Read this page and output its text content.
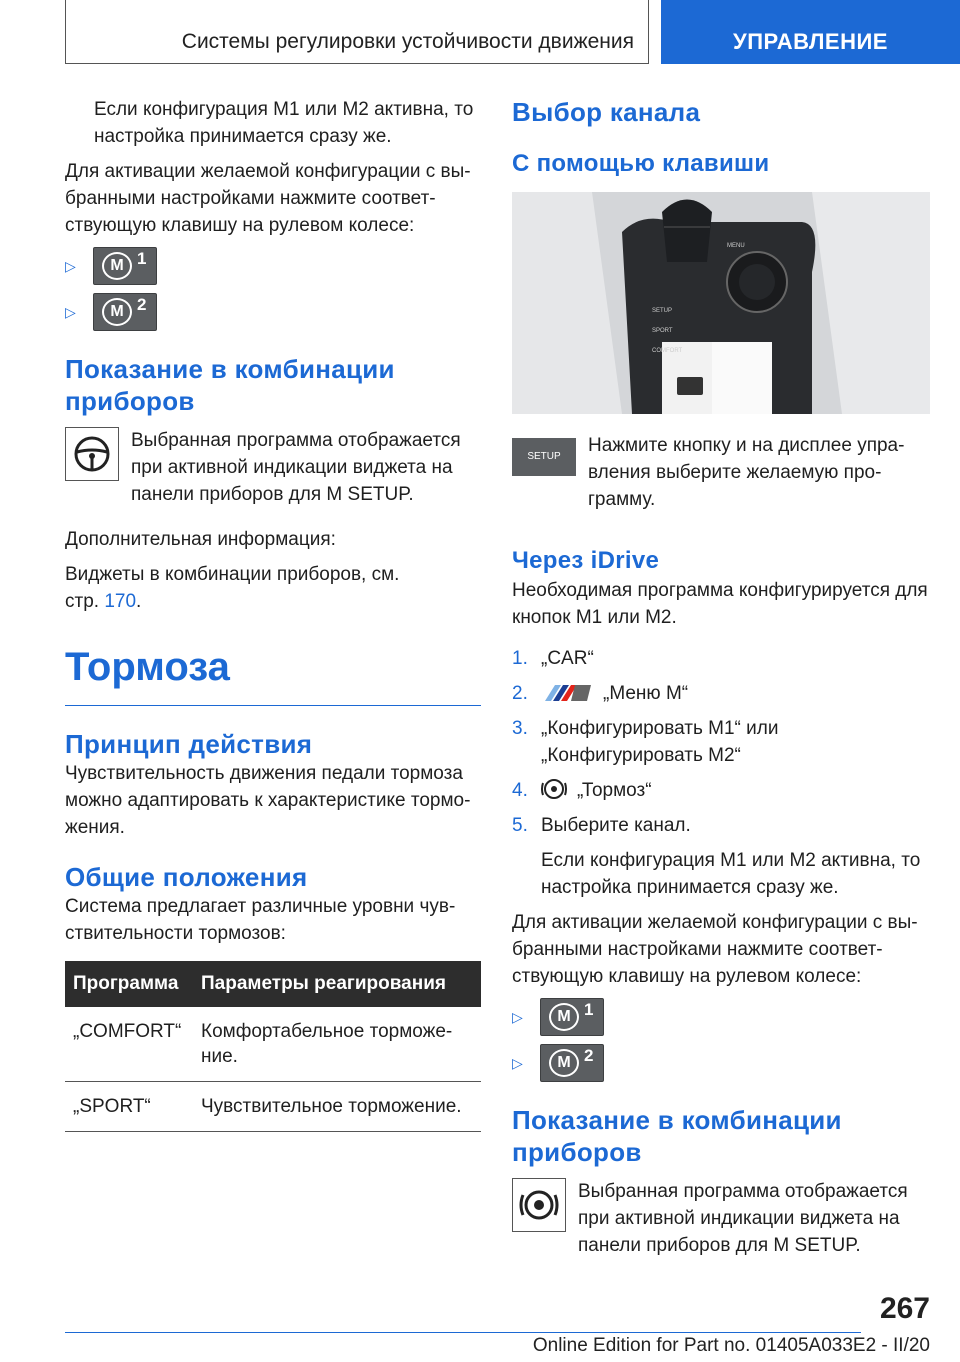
Системы регулировки устойчивости движения	УПРАВЛЕНИЕ

Если конфигурация M1 или M2 активна, то настройка принимается сразу же.

Для активации желаемой конфигурации с вы-бранными настройками нажмите соответ-ствующую клавишу на рулевом колесе:

▷	M 1
▷	M 2
Показание в комбинации приборов

Выбранная программа отображается при активной индикации виджета на панели приборов для M SETUP.

Дополнительная информация:

Виджеты в комбинации приборов, см.
стр. 170.

Тормоза
Принцип действия

Чувствительность движения педали тормоза можно адаптировать к характеристике тормо-жения.

Общие положения

Система предлагает различные уровни чув-ствительности тормозов:

Программа	Параметры реагирования
„COMFORT“	Комфортабельное торможе-ние.
„SPORT“	Чувствительное торможение.
Выбор канала
С помощью клавиши
MENU
SETUP
SPORT
COMFORT
SETUP

Нажмите кнопку и на дисплее упра-вления выберите желаемую про-грамму.

Через iDrive

Необходимая программа конфигурируется для кнопок M1 или M2.

1. „CAR“
2.	„Меню M“
3. „Конфигурировать M1“ или „Конфигурировать M2“
4.	„Тормоз“
5. Выберите канал.

Если конфигурация M1 или M2 активна, то настройка принимается сразу же.

Для активации желаемой конфигурации с вы-бранными настройками нажмите соответ-ствующую клавишу на рулевом колесе:

▷	M 1
▷	M 2
Показание в комбинации приборов

Выбранная программа отображается при активной индикации виджета на панели приборов для M SETUP.

267
Online Edition for Part no. 01405A033E2 - II/20
